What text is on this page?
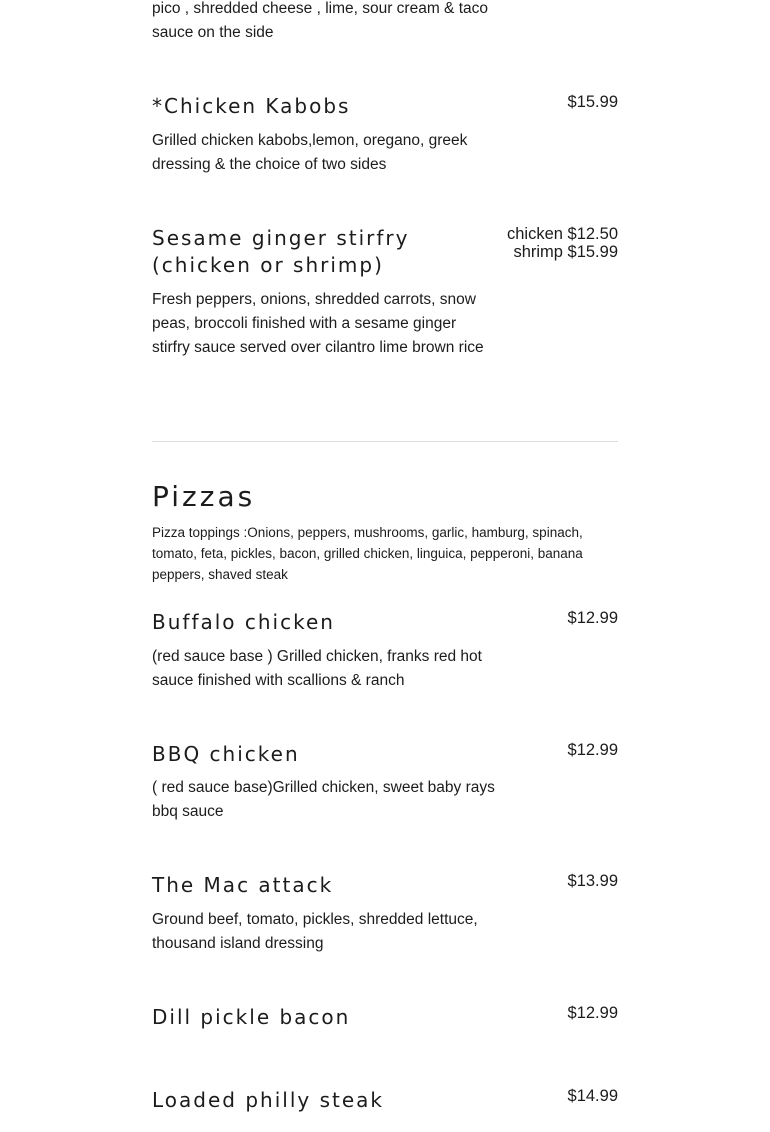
pico , shredded cheese , lime, sour cream & taco sauce on the side

*Chicken Kabobs	$15.99

Grilled chicken kabobs,lemon, oregano, greek dressing & the choice of two sides

Sesame ginger stirfry (chicken or shrimp)
chicken $12.50
shrimp $15.99

Fresh peppers, onions, shredded carrots, snow peas, broccoli finished with a sesame ginger stirfry sauce served over cilantro lime brown rice

Pizzas

Pizza toppings :Onions, peppers, mushrooms, garlic, hamburg, spinach, tomato, feta, pickles, bacon, grilled chicken, linguica, pepperoni, banana peppers, shaved steak

Buffalo chicken	$12.99

(red sauce base ) Grilled chicken, franks red hot sauce finished with scallions & ranch

BBQ chicken	$12.99

( red sauce base)Grilled chicken, sweet baby rays bbq sauce

The Mac attack	$13.99

Ground beef, tomato, pickles, shredded lettuce, thousand island dressing

Dill pickle bacon	$12.99
Loaded philly steak	$14.99
